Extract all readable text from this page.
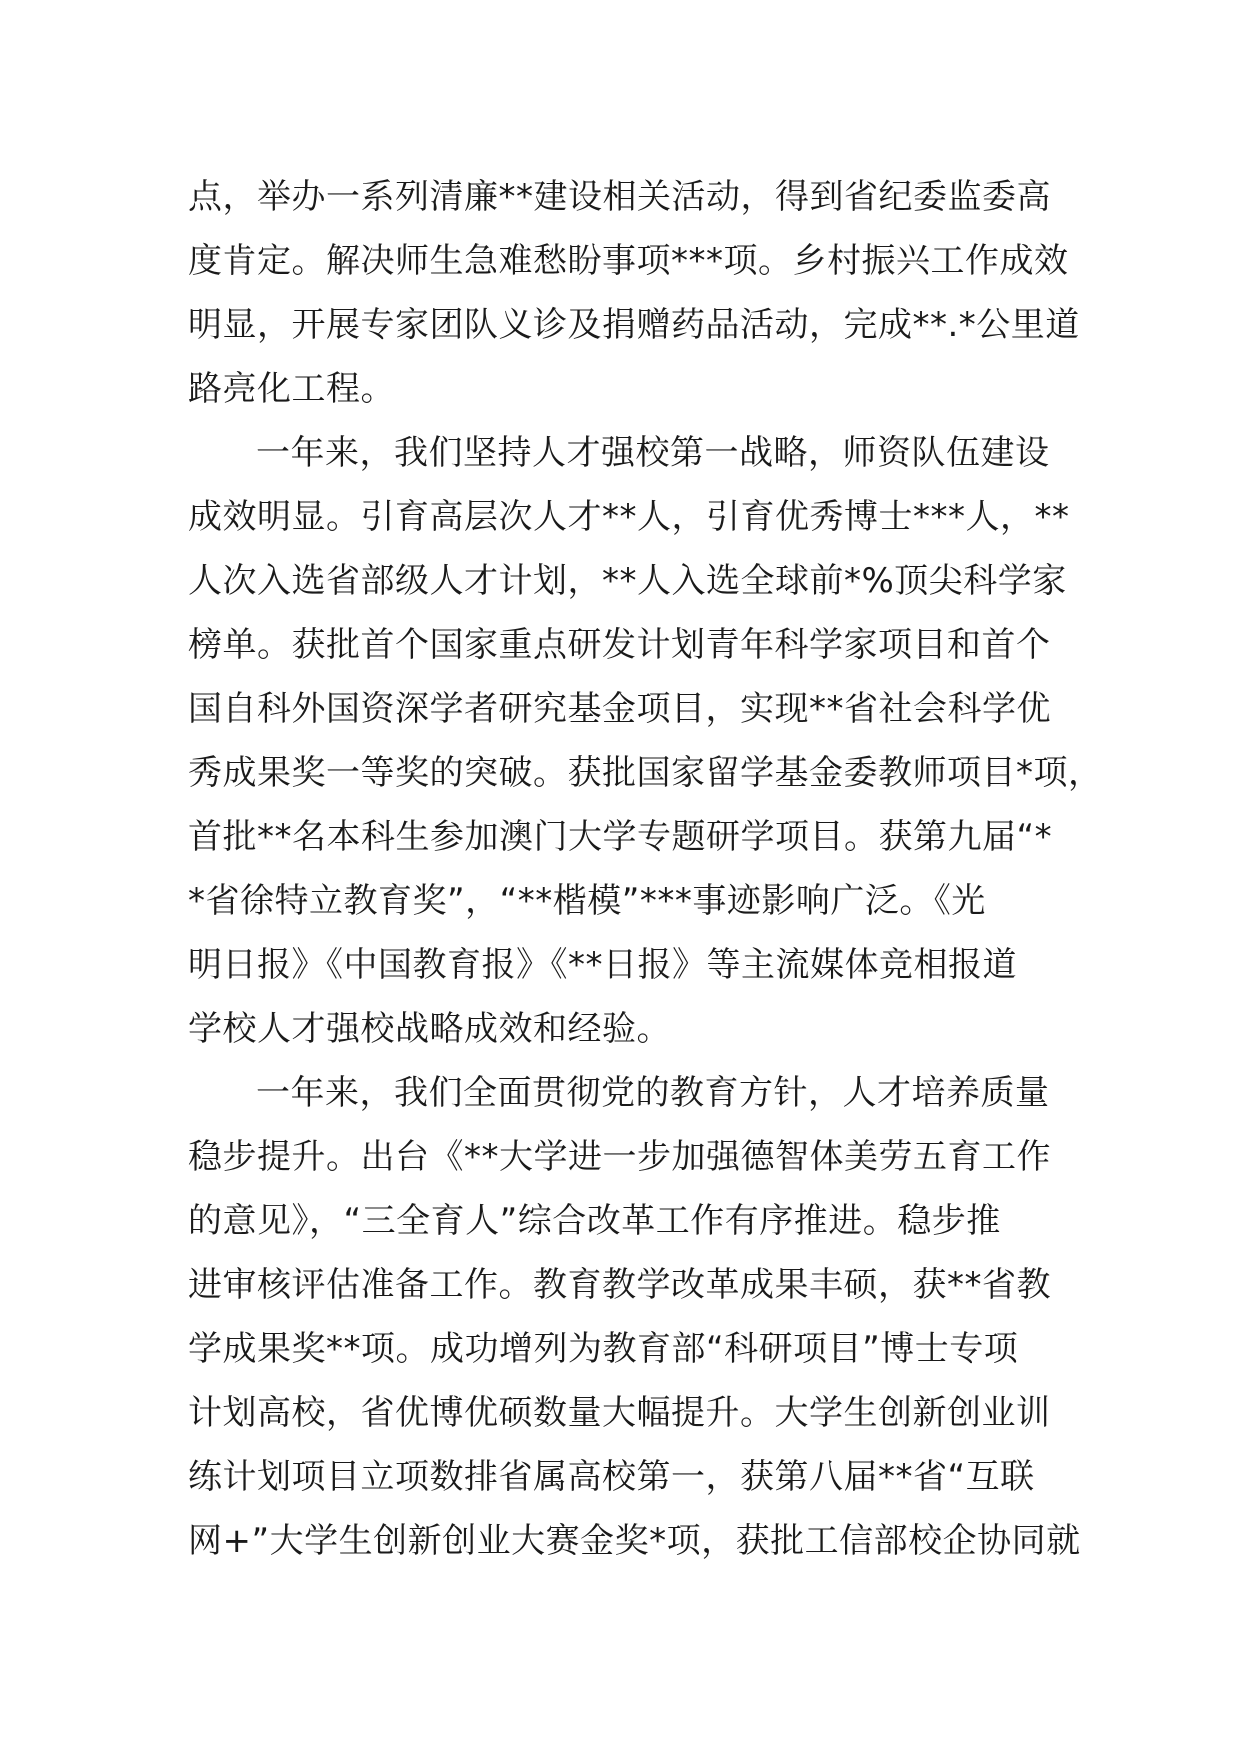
点，举办一系列清廉**建设相关活动，得到省纪委监委高
度肯定。解决师生急难愁盼事项***项。乡村振兴工作成效
明显，开展专家团队义诊及捐赠药品活动，完成**.*公里道
路亮化工程。
一年来，我们坚持人才强校第一战略，师资队伍建设
成效明显。引育高层次人才**人，引育优秀博士***人，**
人次入选省部级人才计划，**人入选全球前*%顶尖科学家
榜单。获批首个国家重点研发计划青年科学家项目和首个
国自科外国资深学者研究基金项目，实现**省社会科学优
秀成果奖一等奖的突破。获批国家留学基金委教师项目*项，
首批**名本科生参加澳门大学专题研学项目。获第九届“*
*省徐特立教育奖”，“**楷模”***事迹影响广泛。《光
明日报》《中国教育报》《**日报》等主流媒体竞相报道
学校人才强校战略成效和经验。
一年来，我们全面贯彻党的教育方针，人才培养质量
稳步提升。出台《**大学进一步加强德智体美劳五育工作
的意见》，“三全育人”综合改革工作有序推进。稳步推
进审核评估准备工作。教育教学改革成果丰硕，获**省教
学成果奖**项。成功增列为教育部“科研项目”博士专项
计划高校，省优博优硕数量大幅提升。大学生创新创业训
练计划项目立项数排省属高校第一，获第八届**省“互联
网+”大学生创新创业大赛金奖*项，获批工信部校企协同就
